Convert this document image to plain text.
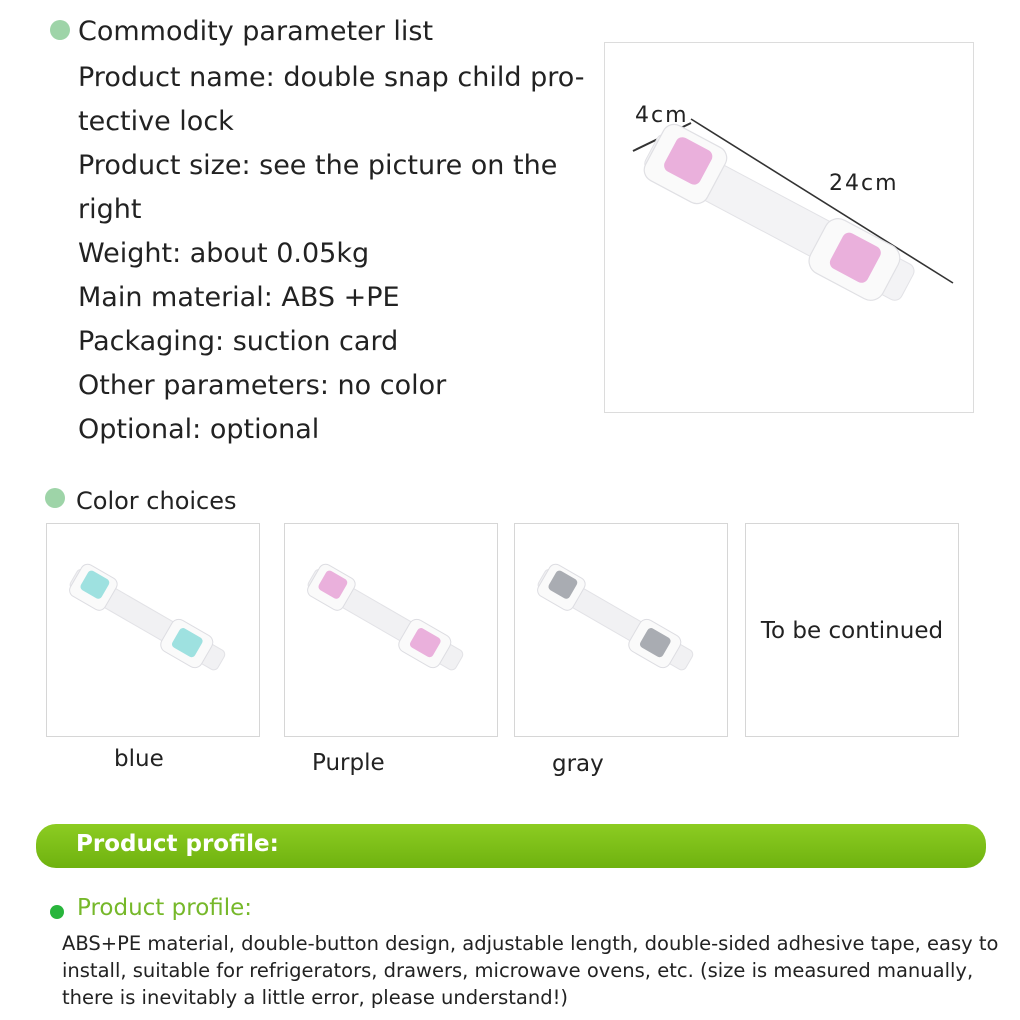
Commodity parameter list
Product name: double snap child pro-
tective lock
Product size: see the picture on the
right
Weight: about 0.05kg
Main material: ABS +PE
Packaging: suction card
Other parameters: no color
Optional: optional
4cm
24cm
Color choices
To be continued
blue	Purple	gray
Product profile:
Product profile:
ABS+PE material, double-button design, adjustable length, double-sided adhesive tape, easy to install, suitable for refrigerators, drawers, microwave ovens, etc. (size is measured manually, there is inevitably a little error, please understand!)
